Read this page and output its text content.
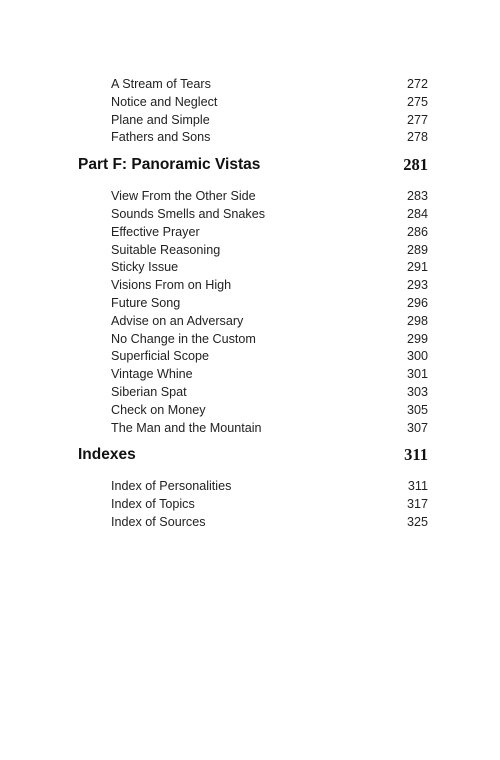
A Stream of Tears	272
Notice and Neglect	275
Plane and Simple	277
Fathers and Sons	278
Part F: Panoramic Vistas	281
View From the Other Side	283
Sounds Smells and Snakes	284
Effective Prayer	286
Suitable Reasoning	289
Sticky Issue	291
Visions From on High	293
Future Song	296
Advise on an Adversary	298
No Change in the Custom	299
Superficial Scope	300
Vintage Whine	301
Siberian Spat	303
Check on Money	305
The Man and the Mountain	307
Indexes	311
Index of Personalities	311
Index of Topics	317
Index of Sources	325
